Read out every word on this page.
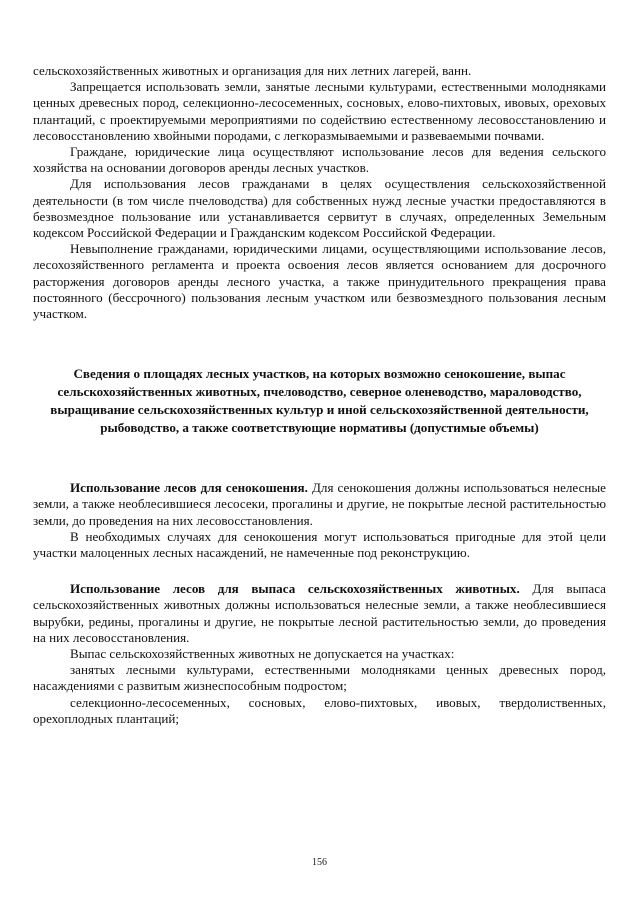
сельскохозяйственных животных и организация для них летних лагерей, ванн.

Запрещается использовать земли, занятые лесными культурами, естественными молодняками ценных древесных пород, селекционно-лесосеменных, сосновых, елово-пихтовых, ивовых, ореховых плантаций, с проектируемыми мероприятиями по содействию естественному лесовосстановлению и лесовосстановлению хвойными породами, с легкоразмываемыми и развеваемыми почвами.

Граждане, юридические лица осуществляют использование лесов для ведения сельского хозяйства на основании договоров аренды лесных участков.

Для использования лесов гражданами в целях осуществления сельскохозяйственной деятельности (в том числе пчеловодства) для собственных нужд лесные участки предоставляются в безвозмездное пользование или устанавливается сервитут в случаях, определенных Земельным кодексом Российской Федерации и Гражданским кодексом Российской Федерации.

Невыполнение гражданами, юридическими лицами, осуществляющими использование лесов, лесохозяйственного регламента и проекта освоения лесов является основанием для досрочного расторжения договоров аренды лесного участка, а также принудительного прекращения права постоянного (бессрочного) пользования лесным участком или безвозмездного пользования лесным участком.

Сведения о площадях лесных участков, на которых возможно сенокошение, выпас сельскохозяйственных животных, пчеловодство, северное оленеводство, мараловодство, выращивание сельскохозяйственных культур и иной сельскохозяйственной деятельности, рыбоводство, а также соответствующие нормативы (допустимые объемы)

Использование лесов для сенокошения. Для сенокошения должны использоваться нелесные земли, а также необлесившиеся лесосеки, прогалины и другие, не покрытые лесной растительностью земли, до проведения на них лесовосстановления.

В необходимых случаях для сенокошения могут использоваться пригодные для этой цели участки малоценных леcных насаждений, не намеченные под реконструкцию.

Использование лесов для выпаса сельскохозяйственных животных. Для выпаса сельскохозяйственных животных должны использоваться нелесные земли, а также необлесившиеся вырубки, редины, прогалины и другие, не покрытые лесной растительностью земли, до проведения на них лесовосстановления.

Выпас сельскохозяйственных животных не допускается на участках:

занятых лесными культурами, естественными молодняками ценных древесных пород, насаждениями с развитым жизнеспособным подростом;

селекционно-лесосеменных, сосновых, елово-пихтовых, ивовых, твердолиственных, орехоплодных плантаций;

156
